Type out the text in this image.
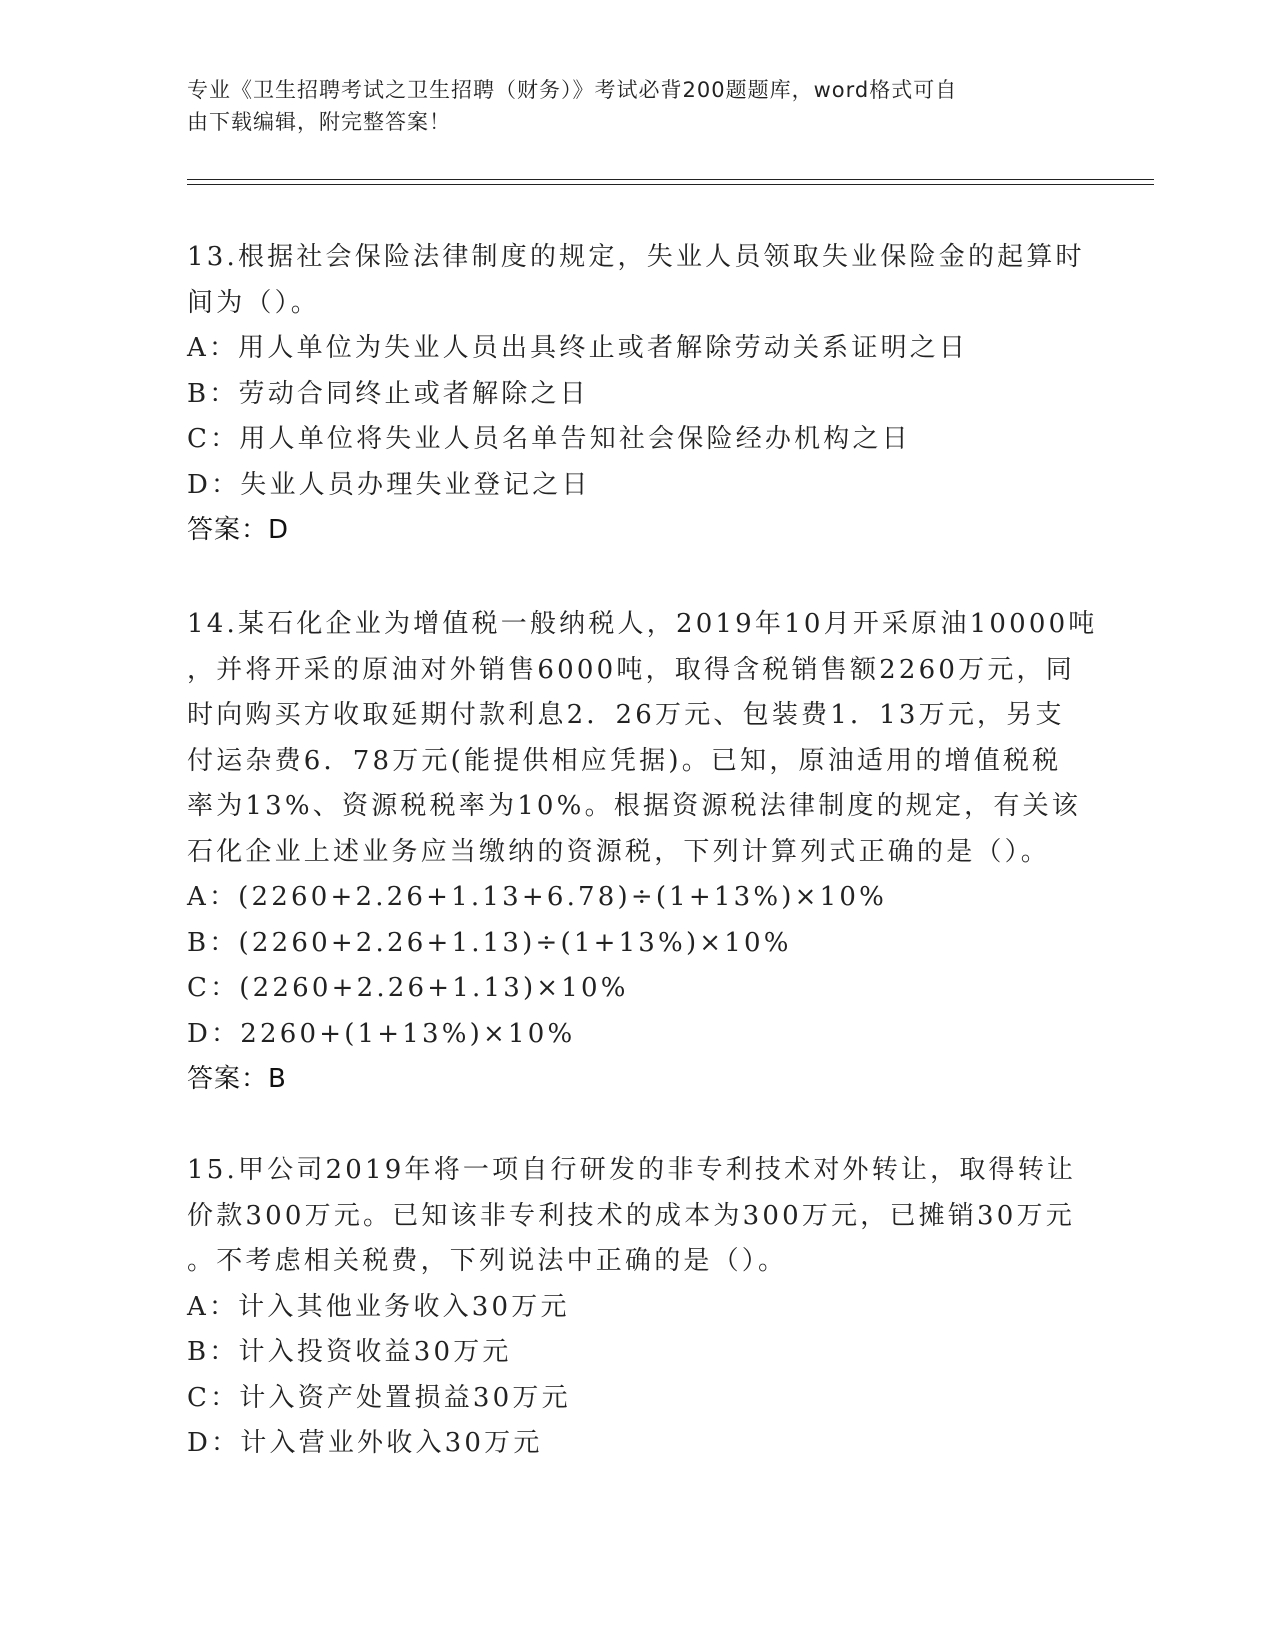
专业《卫生招聘考试之卫生招聘（财务）》考试必背200题题库，word格式可自
由下载编辑，附完整答案！
13.根据社会保险法律制度的规定，失业人员领取失业保险金的起算时
间为（）。
A：用人单位为失业人员出具终止或者解除劳动关系证明之日
B：劳动合同终止或者解除之日
C：用人单位将失业人员名单告知社会保险经办机构之日
D：失业人员办理失业登记之日
答案：D
14.某石化企业为增值税一般纳税人，2019年10月开采原油10000吨
，并将开采的原油对外销售6000吨，取得含税销售额2260万元，同
时向购买方收取延期付款利息2．26万元、包装费1．13万元，另支
付运杂费6．78万元(能提供相应凭据)。已知，原油适用的增值税税
率为13%、资源税税率为10%。根据资源税法律制度的规定，有关该
石化企业上述业务应当缴纳的资源税，下列计算列式正确的是（）。
A：(2260+2.26+1.13+6.78)÷(1+13%)×10%
B：(2260+2.26+1.13)÷(1+13%)×10%
C：(2260+2.26+1.13)×10%
D：2260+(1+13%)×10%
答案：B
15.甲公司2019年将一项自行研发的非专利技术对外转让，取得转让
价款300万元。已知该非专利技术的成本为300万元，已摊销30万元
。不考虑相关税费，下列说法中正确的是（）。
A：计入其他业务收入30万元
B：计入投资收益30万元
C：计入资产处置损益30万元
D：计入营业外收入30万元
